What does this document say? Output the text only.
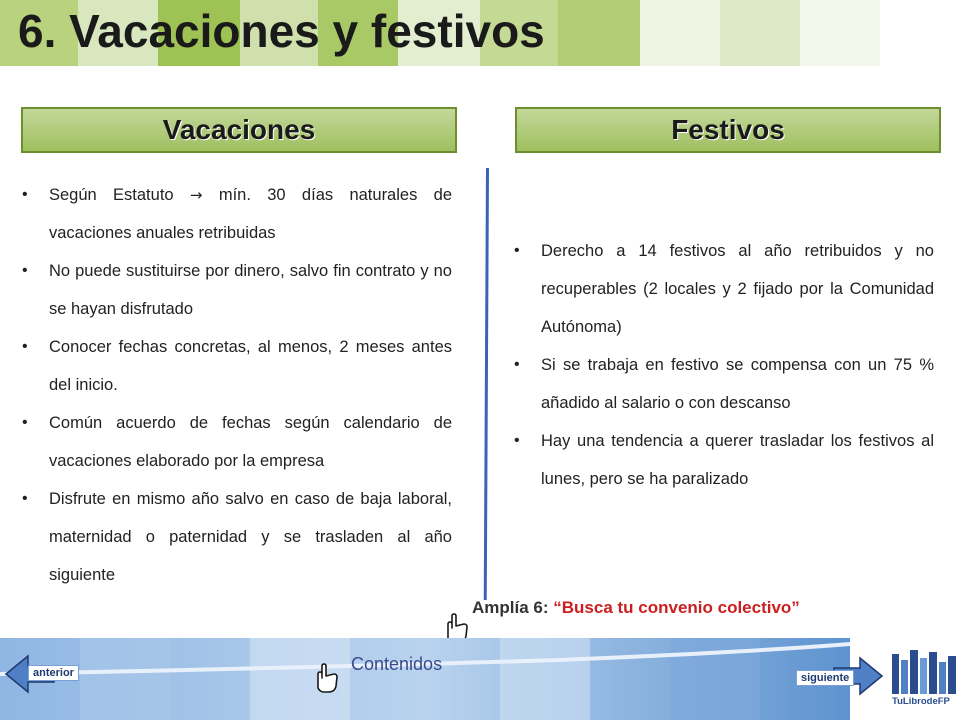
6. Vacaciones y festivos
Vacaciones	Festivos
• Según Estatuto → mín. 30 días naturales de vacaciones anuales retribuidas
• No puede sustituirse por dinero, salvo fin contrato y no se hayan disfrutado
• Conocer fechas concretas, al menos, 2 meses antes del inicio.
• Común acuerdo de fechas según calendario de vacaciones elaborado por la empresa
• Disfrute en mismo año salvo en caso de baja laboral, maternidad o paternidad y se trasladen al año siguiente
• Derecho a 14 festivos al año retribuidos y no recuperables (2 locales y 2 fijado por la Comunidad Autónoma)
• Si se trabaja en festivo se compensa con un 75 % añadido al salario o con descanso
• Hay una tendencia a querer trasladar los festivos al lunes, pero se ha paralizado
Amplía 6: “Busca tu convenio colectivo”
anterior	Contenidos
siguiente
TuLibrodeFP
